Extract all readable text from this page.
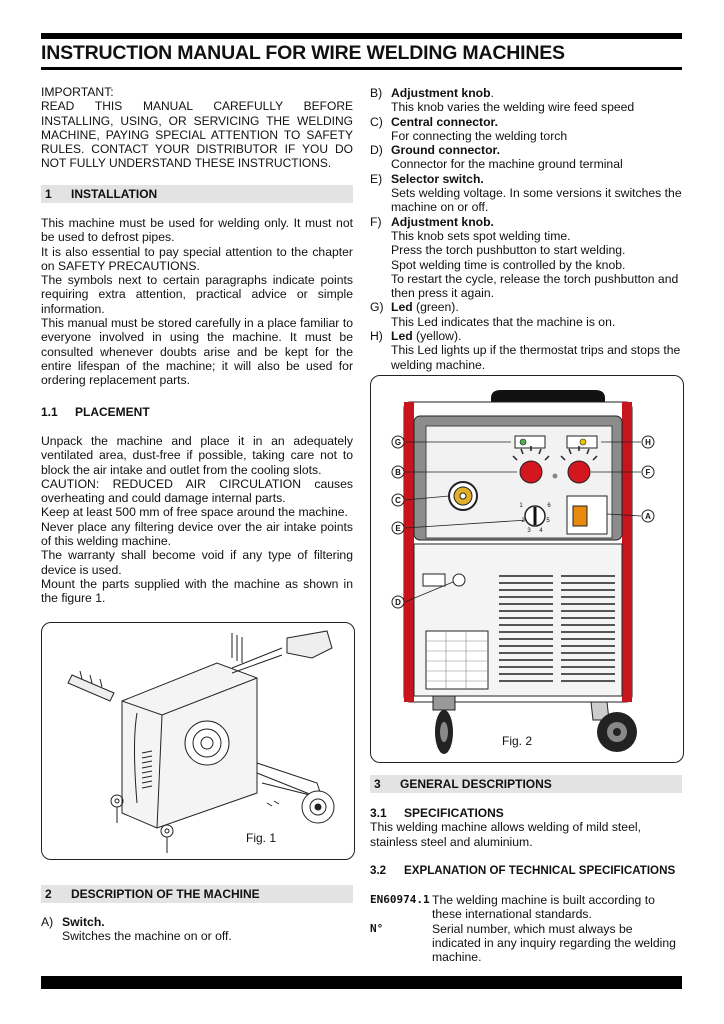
INSTRUCTION MANUAL FOR WIRE WELDING MACHINES

IMPORTANT:

READ THIS MANUAL CAREFULLY BEFORE INSTALLING, USING, OR SERVICING THE WELDING MACHINE, PAYING SPECIAL ATTENTION TO SAFETY RULES. CONTACT YOUR DISTRIBUTOR IF YOU DO NOT FULLY UNDERSTAND THESE INSTRUCTIONS.

1 INSTALLATION

This machine must be used for welding only. It must not be used to defrost pipes.

It is also essential to pay special attention to the chapter on SAFETY PRECAUTIONS.

The symbols next to certain paragraphs indicate points requiring extra attention, practical advice or simple information.

This manual must be stored carefully in a place familiar to everyone involved in using the machine. It must be consulted whenever doubts arise and be kept for the entire lifespan of the machine; it will also be used for ordering replacement parts.

1.1 PLACEMENT

Unpack the machine and place it in an adequately ventilated area, dust-free if possible, taking care not to block the air intake and outlet from the cooling slots.

CAUTION: REDUCED AIR CIRCULATION causes overheating and could damage internal parts.

Keep at least 500 mm of free space around the machine.

Never place any filtering device over the air intake points of this welding machine.

The warranty shall become void if any type of filtering device is used.

Mount the parts supplied with the machine as shown in the figure 1.

Fig. 1
2 DESCRIPTION OF THE MACHINE
A) Switch.
Switches the machine on or off.
B) Adjustment knob.
This knob varies the welding wire feed speed
C) Central connector.
For connecting the welding torch
D) Ground connector.
Connector for the machine ground terminal
E) Selector switch.
Sets welding voltage. In some versions it switches the machine on or off.
F) Adjustment knob.
This knob sets spot welding time.
Press the torch pushbutton to start welding.
Spot welding time is controlled by the knob.
To restart the cycle, release the torch pushbutton and then press it again.
G) Led (green).
This Led indicates that the machine is on.
H) Led (yellow).
This Led lights up if the thermostat trips and stops the welding machine.
G
B
C
E
D
H
F
A
1
2
3 4
5
6
Fig. 2
3 GENERAL DESCRIPTIONS
3.1 SPECIFICATIONS

This welding machine allows welding of mild steel, stainless steel and aluminium.

3.2 EXPLANATION OF TECHNICAL SPECIFICATIONS
EN60974.1 The welding machine is built according to these international standards.
N°	Serial number, which must always be indicated in any inquiry regarding the welding machine.
